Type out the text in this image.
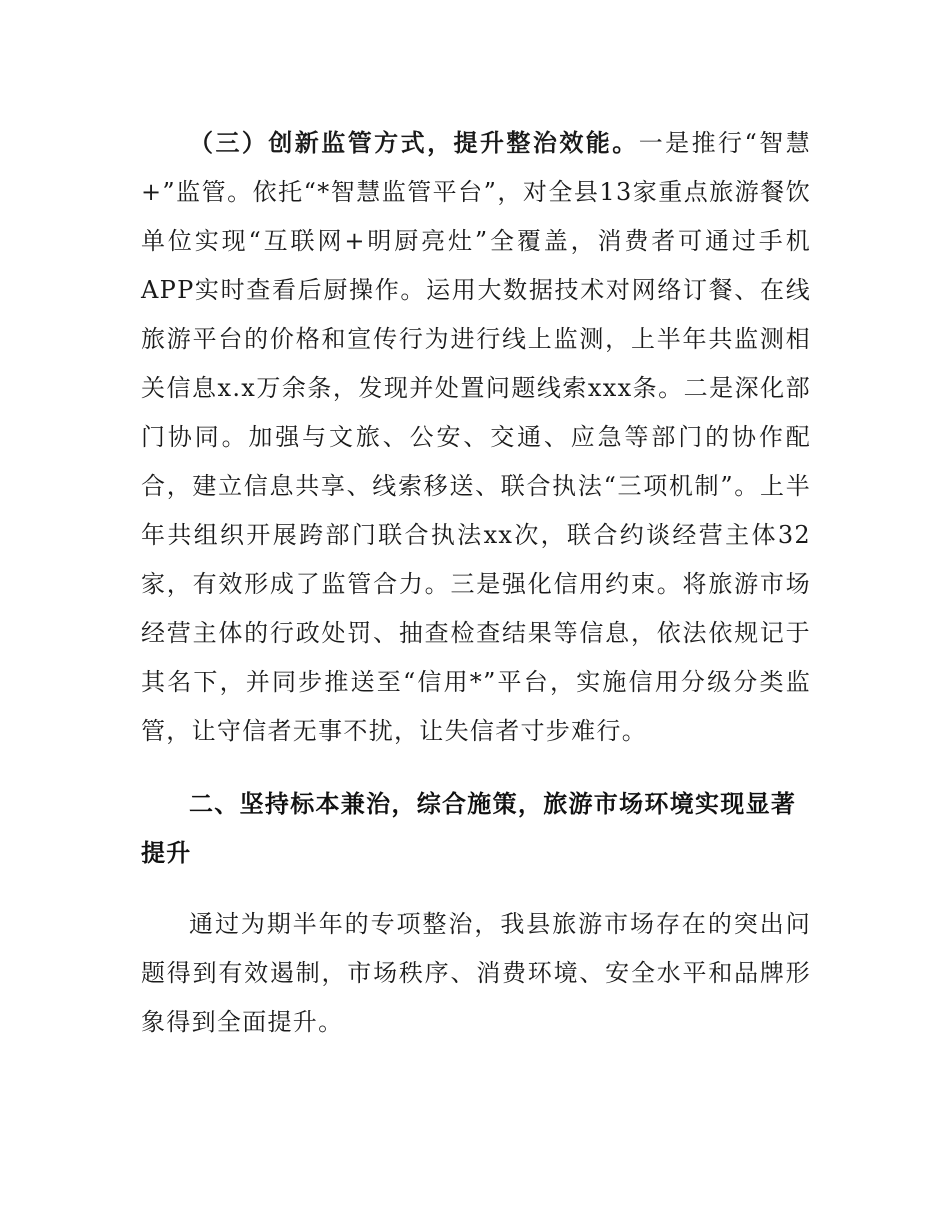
（三）创新监管方式，提升整治效能。一是推行“智慧+”监管。依托“*智慧监管平台”，对全县13家重点旅游餐饮单位实现“互联网+明厨亮灶”全覆盖，消费者可通过手机APP实时查看后厨操作。运用大数据技术对网络订餐、在线旅游平台的价格和宣传行为进行线上监测，上半年共监测相关信息x.x万余条，发现并处置问题线索xxx条。二是深化部门协同。加强与文旅、公安、交通、应急等部门的协作配合，建立信息共享、线索移送、联合执法“三项机制”。上半年共组织开展跨部门联合执法xx次，联合约谈经营主体32家，有效形成了监管合力。三是强化信用约束。将旅游市场经营主体的行政处罚、抽查检查结果等信息，依法依规记于其名下，并同步推送至“信用*”平台，实施信用分级分类监管，让守信者无事不扰，让失信者寸步难行。

二、坚持标本兼治，综合施策，旅游市场环境实现显著提升

通过为期半年的专项整治，我县旅游市场存在的突出问题得到有效遏制，市场秩序、消费环境、安全水平和品牌形象得到全面提升。
